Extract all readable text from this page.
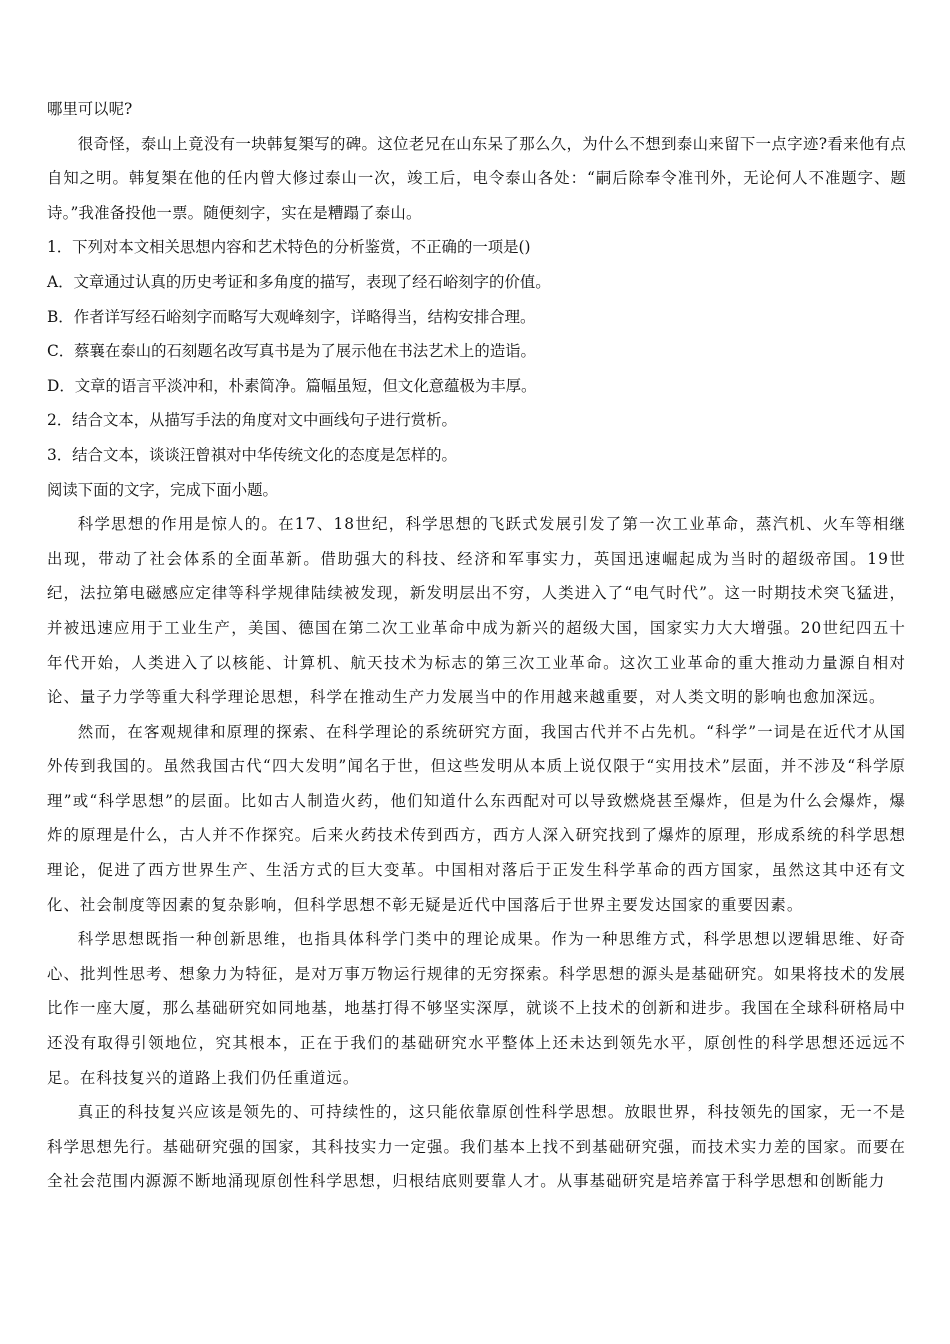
哪里可以呢?

很奇怪，泰山上竟没有一块韩复榘写的碑。这位老兄在山东呆了那么久，为什么不想到泰山来留下一点字迹?看来他有点自知之明。韩复榘在他的任内曾大修过泰山一次，竣工后，电令泰山各处：“嗣后除奉令准刊外，无论何人不准题字、题诗。”我准备投他一票。随便刻字，实在是糟蹋了泰山。

1．下列对本文相关思想内容和艺术特色的分析鉴赏，不正确的一项是()

A．文章通过认真的历史考证和多角度的描写，表现了经石峪刻字的价值。

B．作者详写经石峪刻字而略写大观峰刻字，详略得当，结构安排合理。

C．蔡襄在泰山的石刻题名改写真书是为了展示他在书法艺术上的造诣。

D．文章的语言平淡冲和，朴素简净。篇幅虽短，但文化意蕴极为丰厚。

2．结合文本，从描写手法的角度对文中画线句子进行赏析。

3．结合文本，谈谈汪曾祺对中华传统文化的态度是怎样的。

阅读下面的文字，完成下面小题。

科学思想的作用是惊人的。在17、18世纪，科学思想的飞跃式发展引发了第一次工业革命，蒸汽机、火车等相继出现，带动了社会体系的全面革新。借助强大的科技、经济和军事实力，英国迅速崛起成为当时的超级帝国。19世纪，法拉第电磁感应定律等科学规律陆续被发现，新发明层出不穷，人类进入了“电气时代”。这一时期技术突飞猛进，并被迅速应用于工业生产，美国、德国在第二次工业革命中成为新兴的超级大国，国家实力大大增强。20世纪四五十年代开始，人类进入了以核能、计算机、航天技术为标志的第三次工业革命。这次工业革命的重大推动力量源自相对论、量子力学等重大科学理论思想，科学在推动生产力发展当中的作用越来越重要，对人类文明的影响也愈加深远。

然而，在客观规律和原理的探索、在科学理论的系统研究方面，我国古代并不占先机。“科学”一词是在近代才从国外传到我国的。虽然我国古代“四大发明”闻名于世，但这些发明从本质上说仅限于“实用技术”层面，并不涉及“科学原理”或“科学思想”的层面。比如古人制造火药，他们知道什么东西配对可以导致燃烧甚至爆炸，但是为什么会爆炸，爆炸的原理是什么，古人并不作探究。后来火药技术传到西方，西方人深入研究找到了爆炸的原理，形成系统的科学思想理论，促进了西方世界生产、生活方式的巨大变革。中国相对落后于正发生科学革命的西方国家，虽然这其中还有文化、社会制度等因素的复杂影响，但科学思想不彰无疑是近代中国落后于世界主要发达国家的重要因素。

科学思想既指一种创新思维，也指具体科学门类中的理论成果。作为一种思维方式，科学思想以逻辑思维、好奇心、批判性思考、想象力为特征，是对万事万物运行规律的无穷探索。科学思想的源头是基础研究。如果将技术的发展比作一座大厦，那么基础研究如同地基，地基打得不够坚实深厚，就谈不上技术的创新和进步。我国在全球科研格局中还没有取得引领地位，究其根本，正在于我们的基础研究水平整体上还未达到领先水平，原创性的科学思想还远远不足。在科技复兴的道路上我们仍任重道远。

真正的科技复兴应该是领先的、可持续性的，这只能依靠原创性科学思想。放眼世界，科技领先的国家，无一不是科学思想先行。基础研究强的国家，其科技实力一定强。我们基本上找不到基础研究强，而技术实力差的国家。而要在全社会范围内源源不断地涌现原创性科学思想，归根结底则要靠人才。从事基础研究是培养富于科学思想和创断能力
